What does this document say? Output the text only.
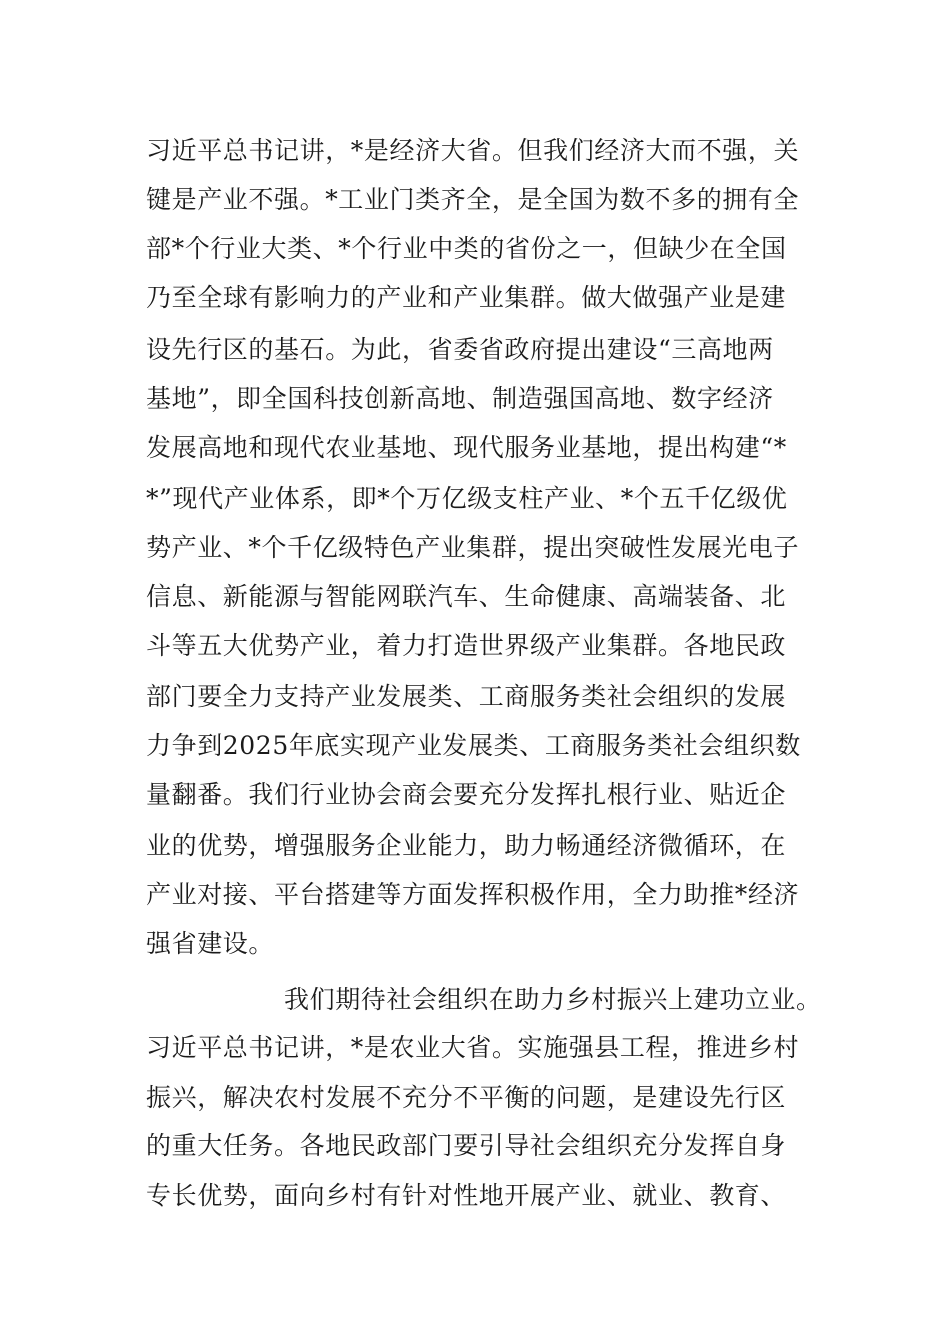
习近平总书记讲，*是经济大省。但我们经济大而不强，关
键是产业不强。*工业门类齐全，是全国为数不多的拥有全
部*个行业大类、*个行业中类的省份之一，但缺少在全国
乃至全球有影响力的产业和产业集群。做大做强产业是建
设先行区的基石。为此，省委省政府提出建设“三高地两
基地”，即全国科技创新高地、制造强国高地、数字经济
发展高地和现代农业基地、现代服务业基地，提出构建“*
*”现代产业体系，即*个万亿级支柱产业、*个五千亿级优
势产业、*个千亿级特色产业集群，提出突破性发展光电子
信息、新能源与智能网联汽车、生命健康、高端装备、北
斗等五大优势产业，着力打造世界级产业集群。各地民政
部门要全力支持产业发展类、工商服务类社会组织的发展
力争到2025年底实现产业发展类、工商服务类社会组织数
量翻番。我们行业协会商会要充分发挥扎根行业、贴近企
业的优势，增强服务企业能力，助力畅通经济微循环，在
产业对接、平台搭建等方面发挥积极作用，全力助推*经济
强省建设。
我们期待社会组织在助力乡村振兴上建功立业。
习近平总书记讲，*是农业大省。实施强县工程，推进乡村
振兴，解决农村发展不充分不平衡的问题，是建设先行区
的重大任务。各地民政部门要引导社会组织充分发挥自身
专长优势，面向乡村有针对性地开展产业、就业、教育、
